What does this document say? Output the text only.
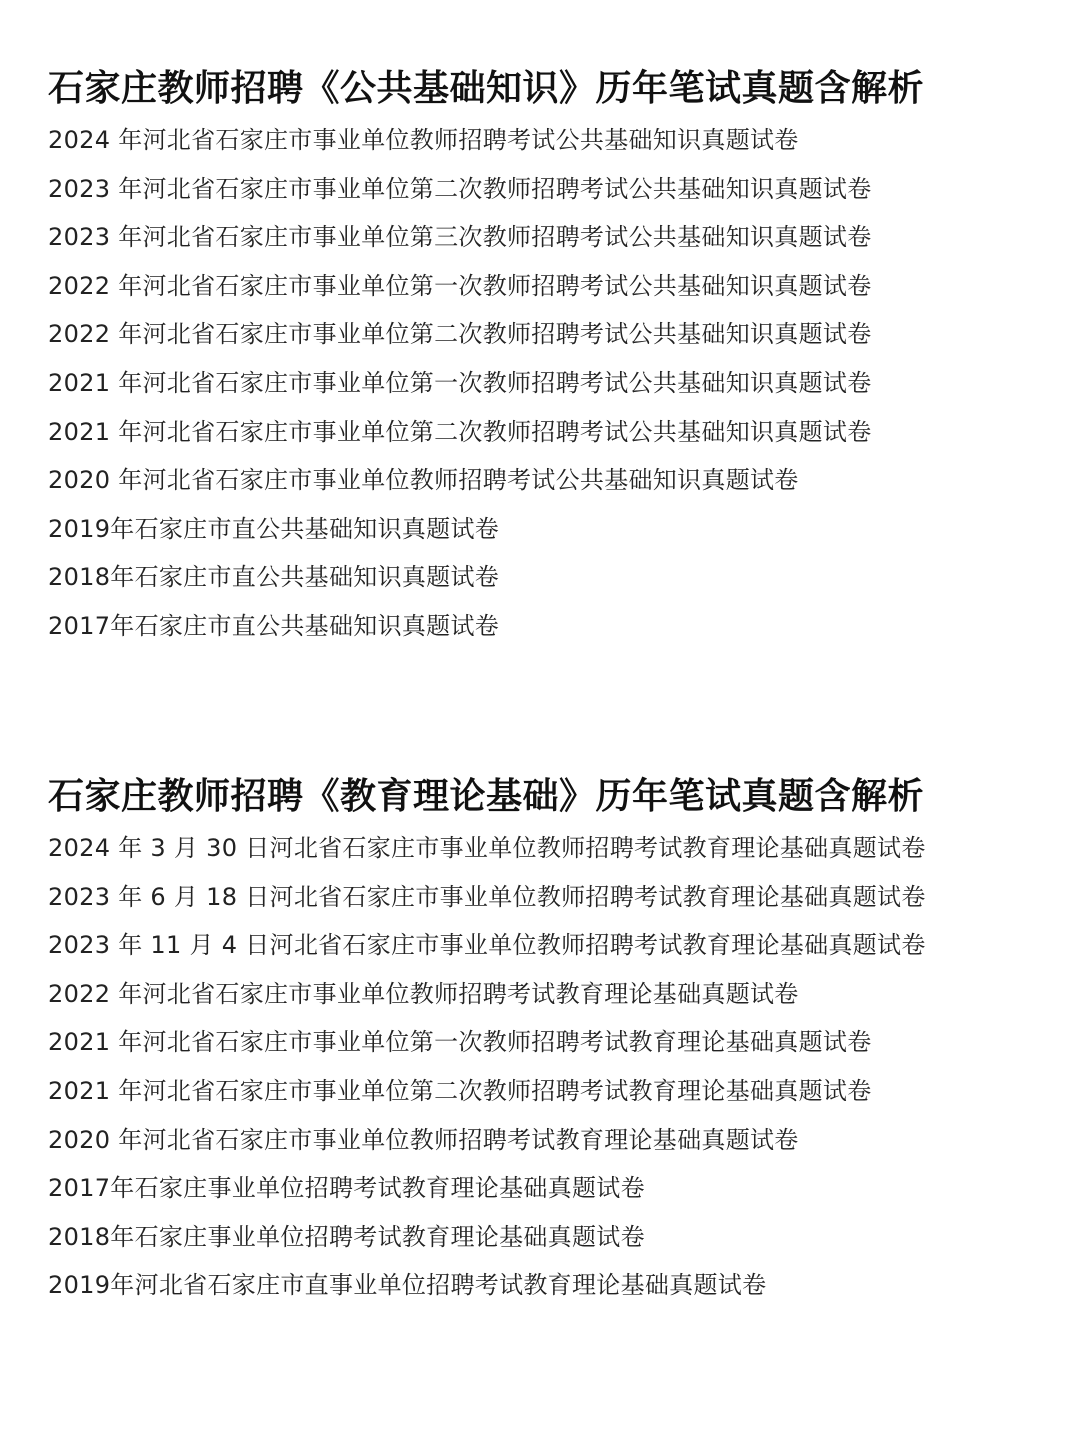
石家庄教师招聘《公共基础知识》历年笔试真题含解析
2024 年河北省石家庄市事业单位教师招聘考试公共基础知识真题试卷
2023 年河北省石家庄市事业单位第二次教师招聘考试公共基础知识真题试卷
2023 年河北省石家庄市事业单位第三次教师招聘考试公共基础知识真题试卷
2022 年河北省石家庄市事业单位第一次教师招聘考试公共基础知识真题试卷
2022 年河北省石家庄市事业单位第二次教师招聘考试公共基础知识真题试卷
2021 年河北省石家庄市事业单位第一次教师招聘考试公共基础知识真题试卷
2021 年河北省石家庄市事业单位第二次教师招聘考试公共基础知识真题试卷
2020 年河北省石家庄市事业单位教师招聘考试公共基础知识真题试卷
2019年石家庄市直公共基础知识真题试卷
2018年石家庄市直公共基础知识真题试卷
2017年石家庄市直公共基础知识真题试卷
石家庄教师招聘《教育理论基础》历年笔试真题含解析
2024 年 3 月 30 日河北省石家庄市事业单位教师招聘考试教育理论基础真题试卷
2023 年 6 月 18 日河北省石家庄市事业单位教师招聘考试教育理论基础真题试卷
2023 年 11 月 4 日河北省石家庄市事业单位教师招聘考试教育理论基础真题试卷
2022 年河北省石家庄市事业单位教师招聘考试教育理论基础真题试卷
2021 年河北省石家庄市事业单位第一次教师招聘考试教育理论基础真题试卷
2021 年河北省石家庄市事业单位第二次教师招聘考试教育理论基础真题试卷
2020 年河北省石家庄市事业单位教师招聘考试教育理论基础真题试卷
2017年石家庄事业单位招聘考试教育理论基础真题试卷
2018年石家庄事业单位招聘考试教育理论基础真题试卷
2019年河北省石家庄市直事业单位招聘考试教育理论基础真题试卷
